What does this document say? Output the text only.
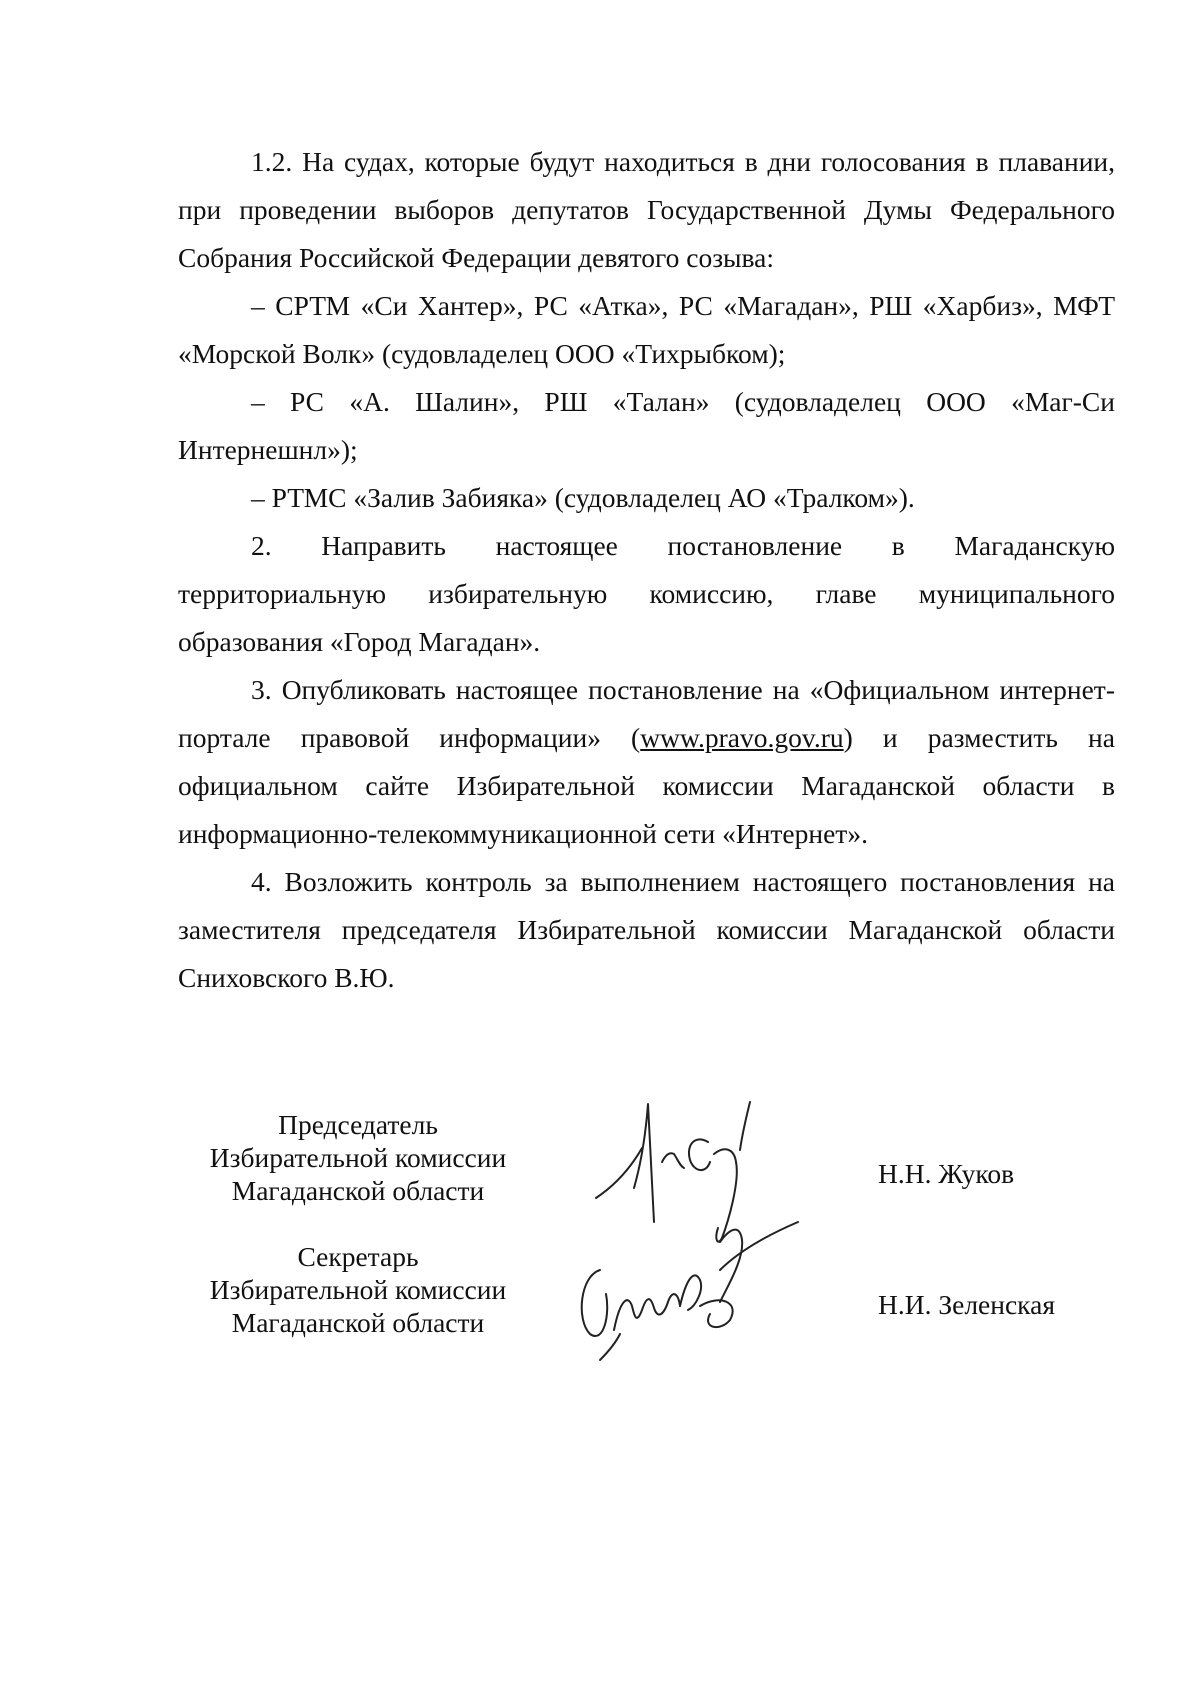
1.2. На судах, которые будут находиться в дни голосования в плавании, при проведении выборов депутатов Государственной Думы Федерального Собрания Российской Федерации девятого созыва:

– СРТМ «Си Хантер», РС «Атка», РС «Магадан», РШ «Харбиз», МФТ «Морской Волк» (судовладелец ООО «Тихрыбком);

– РС «А. Шалин», РШ «Талан» (судовладелец ООО «Маг-Си Интернешнл»);

– РТМС «Залив Забияка» (судовладелец АО «Тралком»).

2. Направить настоящее постановление в Магаданскую территориальную избирательную комиссию, главе муниципального образования «Город Магадан».

3. Опубликовать настоящее постановление на «Официальном интернет-портале правовой информации» (www.pravo.gov.ru) и разместить на официальном сайте Избирательной комиссии Магаданской области в информационно-телекоммуникационной сети «Интернет».

4. Возложить контроль за выполнением настоящего постановления на заместителя председателя Избирательной комиссии Магаданской области Сниховского В.Ю.

Председатель
Избирательной комиссии
Магаданской области
Н.Н. Жуков
Секретарь
Избирательной комиссии
Магаданской области
Н.И. Зеленская
